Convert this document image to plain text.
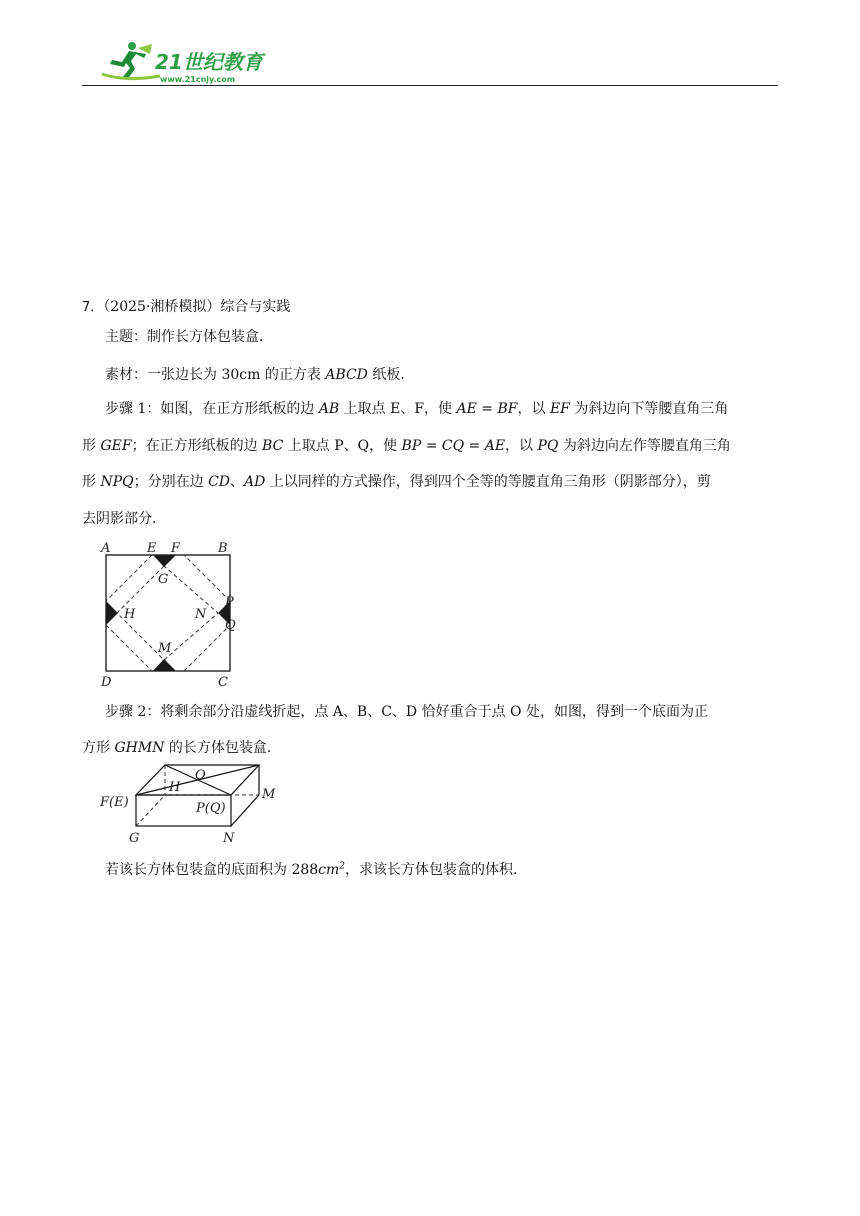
21世纪教育
www.21cnjy.com
7．（2025·湘桥模拟）综合与实践
主题：制作长方体包装盒．
素材：一张边长为 30cm 的正方表 ABCD 纸板．
步骤 1：如图，在正方形纸板的边 AB 上取点 E、F，使 AE = BF，以 EF 为斜边向下等腰直角三角
形 GEF；在正方形纸板的边 BC 上取点 P、Q，使 BP = CQ = AE，以 PQ 为斜边向左作等腰直角三角
形 NPQ；分别在边 CD、AD 上以同样的方式操作，得到四个全等的等腰直角三角形（阴影部分），剪
去阴影部分．
A	E F	B
G
H	N
P
Q
M
D	C
步骤 2：将剩余部分沿虚线折起，点 A、B、C、D 恰好重合于点 O 处，如图，得到一个底面为正
方形 GHMN 的长方体包装盒．
O
H	M
F(E)	P(Q)
G	N
若该长方体包装盒的底面积为 $288cm^2$，求该长方体包装盒的体积．
